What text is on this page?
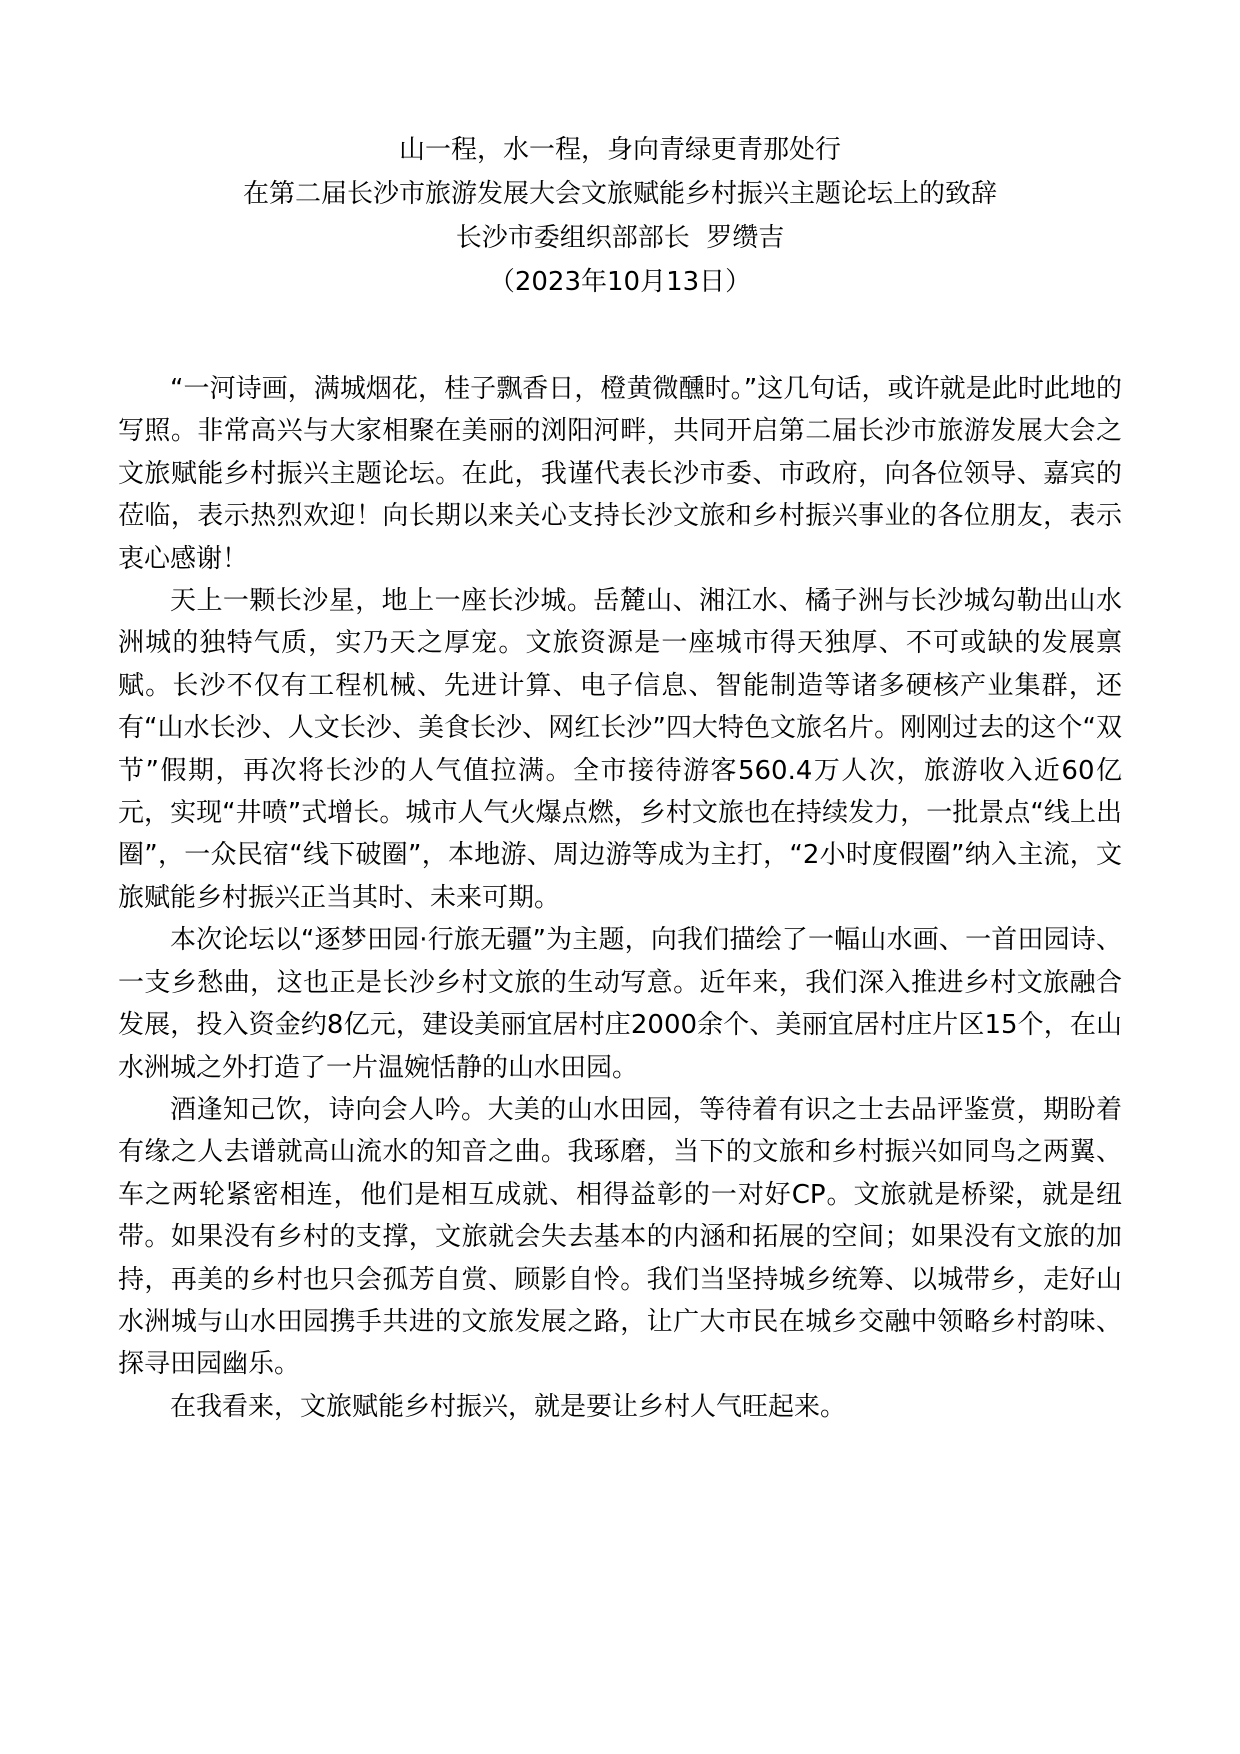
山一程，水一程，身向青绿更青那处行
在第二届长沙市旅游发展大会文旅赋能乡村振兴主题论坛上的致辞
长沙市委组织部部长  罗缵吉
（2023年10月13日）

“一河诗画，满城烟花，桂子飘香日，橙黄微醺时。”这几句话，或许就是此时此地的写照。非常高兴与大家相聚在美丽的浏阳河畔，共同开启第二届长沙市旅游发展大会之文旅赋能乡村振兴主题论坛。在此，我谨代表长沙市委、市政府，向各位领导、嘉宾的莅临，表示热烈欢迎！向长期以来关心支持长沙文旅和乡村振兴事业的各位朋友，表示衷心感谢！

天上一颗长沙星，地上一座长沙城。岳麓山、湘江水、橘子洲与长沙城勾勒出山水洲城的独特气质，实乃天之厚宠。文旅资源是一座城市得天独厚、不可或缺的发展禀赋。长沙不仅有工程机械、先进计算、电子信息、智能制造等诸多硬核产业集群，还有“山水长沙、人文长沙、美食长沙、网红长沙”四大特色文旅名片。刚刚过去的这个“双节”假期，再次将长沙的人气值拉满。全市接待游客560.4万人次，旅游收入近60亿元，实现“井喷”式增长。城市人气火爆点燃，乡村文旅也在持续发力，一批景点“线上出圈”，一众民宿“线下破圈”，本地游、周边游等成为主打，“2小时度假圈”纳入主流，文旅赋能乡村振兴正当其时、未来可期。

本次论坛以“逐梦田园·行旅无疆”为主题，向我们描绘了一幅山水画、一首田园诗、一支乡愁曲，这也正是长沙乡村文旅的生动写意。近年来，我们深入推进乡村文旅融合发展，投入资金约8亿元，建设美丽宜居村庄2000余个、美丽宜居村庄片区15个，在山水洲城之外打造了一片温婉恬静的山水田园。

酒逢知己饮，诗向会人吟。大美的山水田园，等待着有识之士去品评鉴赏，期盼着有缘之人去谱就高山流水的知音之曲。我琢磨，当下的文旅和乡村振兴如同鸟之两翼、车之两轮紧密相连，他们是相互成就、相得益彰的一对好CP。文旅就是桥梁，就是纽带。如果没有乡村的支撑，文旅就会失去基本的内涵和拓展的空间；如果没有文旅的加持，再美的乡村也只会孤芳自赏、顾影自怜。我们当坚持城乡统筹、以城带乡，走好山水洲城与山水田园携手共进的文旅发展之路，让广大市民在城乡交融中领略乡村韵味、探寻田园幽乐。

在我看来，文旅赋能乡村振兴，就是要让乡村人气旺起来。
